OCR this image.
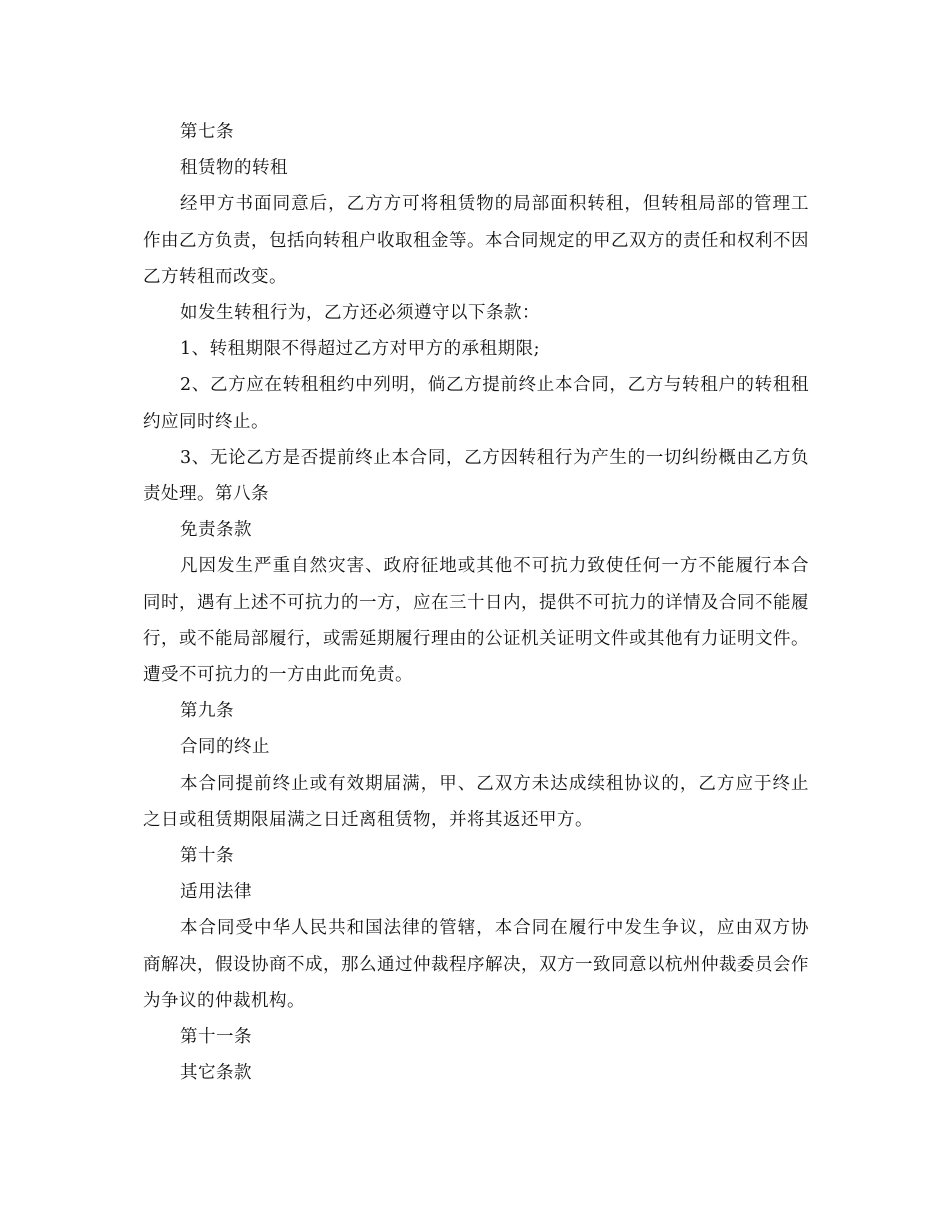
第七条

租赁物的转租

经甲方书面同意后，乙方方可将租赁物的局部面积转租，但转租局部的管理工作由乙方负责，包括向转租户收取租金等。本合同规定的甲乙双方的责任和权利不因乙方转租而改变。

如发生转租行为，乙方还必须遵守以下条款：

1、转租期限不得超过乙方对甲方的承租期限;

2、乙方应在转租租约中列明，倘乙方提前终止本合同，乙方与转租户的转租租约应同时终止。

3、无论乙方是否提前终止本合同，乙方因转租行为产生的一切纠纷概由乙方负责处理。第八条

免责条款

凡因发生严重自然灾害、政府征地或其他不可抗力致使任何一方不能履行本合同时，遇有上述不可抗力的一方，应在三十日内，提供不可抗力的详情及合同不能履行，或不能局部履行，或需延期履行理由的公证机关证明文件或其他有力证明文件。遭受不可抗力的一方由此而免责。

第九条

合同的终止

本合同提前终止或有效期届满，甲、乙双方未达成续租协议的，乙方应于终止之日或租赁期限届满之日迁离租赁物，并将其返还甲方。

第十条

适用法律

本合同受中华人民共和国法律的管辖，本合同在履行中发生争议，应由双方协商解决，假设协商不成，那么通过仲裁程序解决，双方一致同意以杭州仲裁委员会作为争议的仲裁机构。

第十一条

其它条款
